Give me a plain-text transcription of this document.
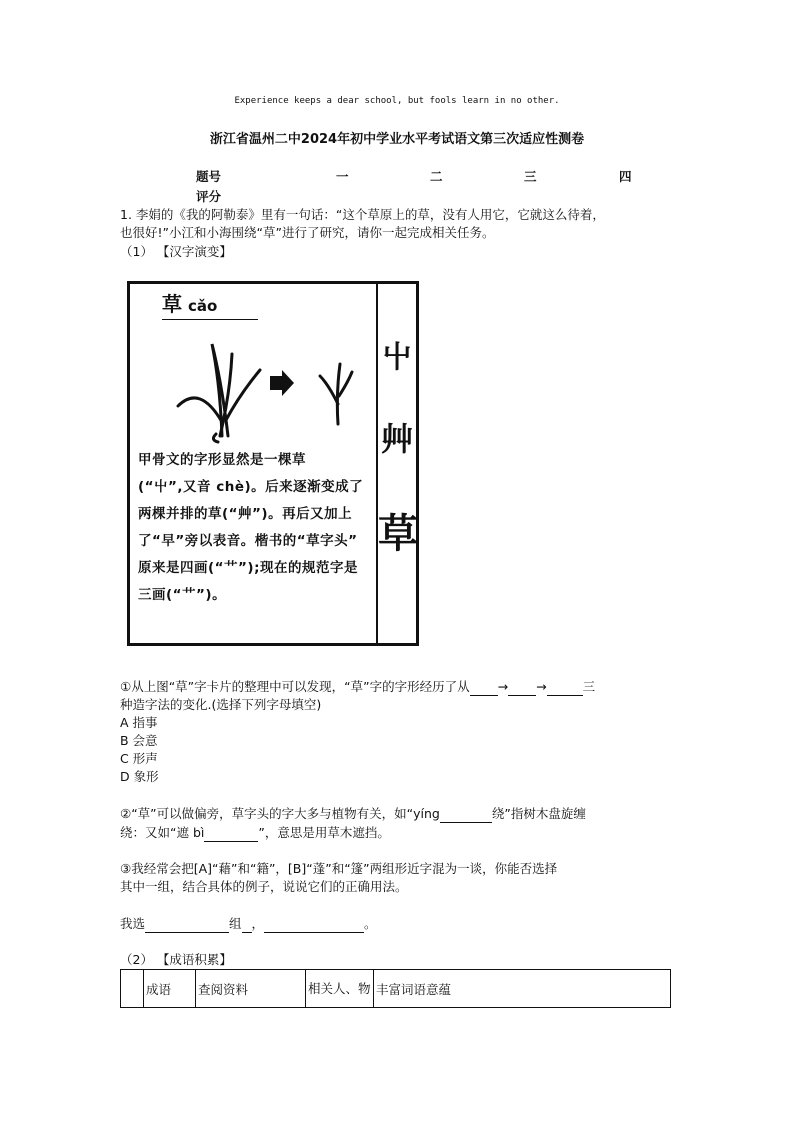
Experience keeps a dear school, but fools learn in no other.
浙江省温州二中2024年初中学业水平考试语文第三次适应性测卷
题号	一	二	三	四
评分
1. 李娟的《我的阿勒泰》里有一句话：“这个草原上的草，没有人用它，它就这么待着，
也很好!”小江和小海围绕“草”进行了研究，请你一起完成相关任务。
（1） 【汉字演变】
草 cǎo
甲骨文的字形显然是一棵草
(“屮”,又音 chè)。后来逐渐变成了
两棵并排的草(“艸”)。再后又加上
了“早”旁以表音。楷书的“草字头”
原来是四画(“艹”);现在的规范字是
三画(“艹”)。
屮
艸
草
①从上图“草”字卡片的整理中可以发现，“草”字的字形经历了从 → →	三
种造字法的变化.(选择下列字母填空)
A 指事
B 会意
C 形声
D 象形
②“草”可以做偏旁，草字头的字大多与植物有关，如“yíng	绕”指树木盘旋缠
绕：又如“遮 bì	”，意思是用草木遮挡。
③我经常会把[A]“藉”和“籍”，[B]“蓬”和“篷”两组形近字混为一谈，你能否选择
其中一组，结合具体的例子，说说它们的正确用法。
我选	组 ，	。
（2） 【成语积累】
	成语	查阅资料	相关人、物	丰富词语意蕴
